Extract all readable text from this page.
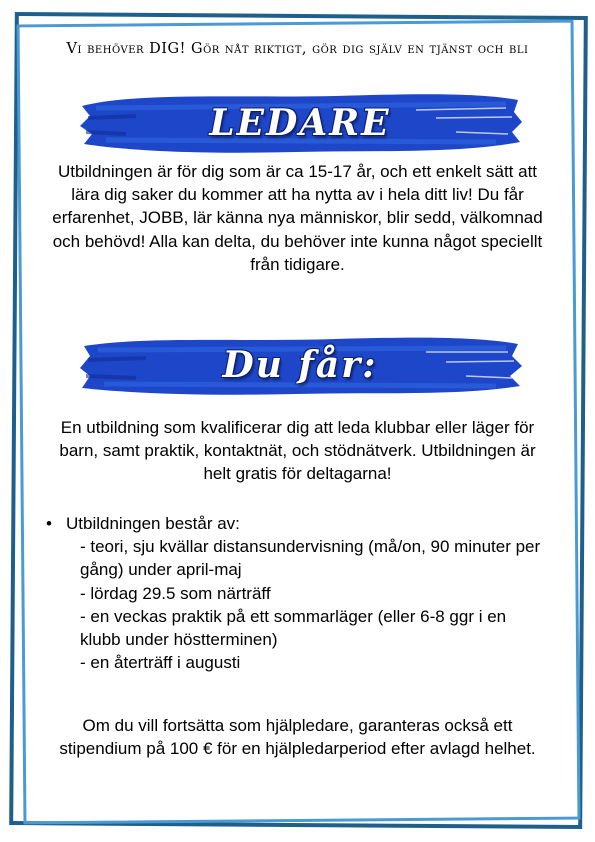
Vi behöver DIG! Gör nåt riktigt, gör dig själv en tjänst och bli
LEDARE

Utbildningen är för dig som är ca 15-17 år, och ett enkelt sätt att lära dig saker du kommer att ha nytta av i hela ditt liv! Du får erfarenhet, JOBB, lär känna nya människor, blir sedd, välkomnad och behövd! Alla kan delta, du behöver inte kunna något speciellt från tidigare.

Du får:

En utbildning som kvalificerar dig att leda klubbar eller läger för barn, samt praktik, kontaktnät, och stödnätverk. Utbildningen är helt gratis för deltagarna!

• Utbildningen består av:
- teori, sju kvällar distansundervisning (må/on, 90 minuter per gång) under april-maj
- lördag 29.5 som närträff
- en veckas praktik på ett sommarläger (eller 6-8 ggr i en klubb under höstterminen)
- en återträff i augusti

Om du vill fortsätta som hjälpledare, garanteras också ett stipendium på 100 € för en hjälpledarperiod efter avlagd helhet.
